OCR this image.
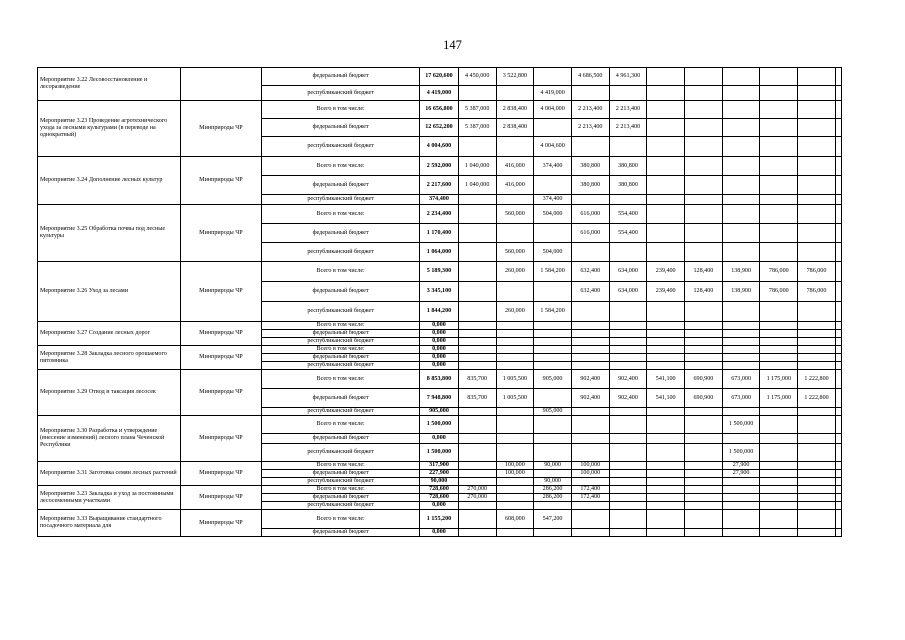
147
Мероприятие 3.22 Лесовосстановление и лесоразведение		федеральный бюджет	17 620,600	4 450,000	3 522,800		4 686,500	4 961,300						
		республиканский бюджет	4 419,000			4 419,000								
Мероприятие 3.23 Проведение агротехнического ухода за лесными культурами (в переводе на однократный)	Минприроды ЧР	Всего в том числе:	16 656,800	5 387,000	2 838,400	4 004,000	2 213,400	2 213,400						
		федеральный бюджет	12 652,200	5 387,000	2 838,400		2 213,400	2 213,400						
		республиканский бюджет	4 004,600			4 004,600								
Мероприятие 3.24 Дополнение лесных культур	Минприроды ЧР	Всего в том числе:	2 592,000	1 040,000	416,000	374,400	380,800	380,800						
		федеральный бюджет	2 217,600	1 040,000	416,000		380,800	380,800						
		республиканский бюджет	374,400			374,400								
Мероприятие 3.25 Обработка почвы под лесные культуры	Минприроды ЧР	Всего в том числе:	2 234,400		560,000	504,000	616,000	554,400						
		федеральный бюджет	1 170,400				616,000	554,400						
		республиканский бюджет	1 064,000		560,000	504,000								
Мероприятие 3.26 Уход за лесами	Минприроды ЧР	Всего в том числе:	5 189,300		260,000	1 584,200	632,400	634,000	239,400	128,400	138,900	786,000	786,000	
		федеральный бюджет	3 345,100				632,400	634,000	239,400	128,400	138,900	786,000	786,000	
		республиканский бюджет	1 844,200		260,000	1 584,200								
Мероприятие 3.27 Создание лесных дорог	Минприроды ЧР	Всего в том числе:	0,000											
		федеральный бюджет	0,000											
		республиканский бюджет	0,000											
Мероприятие 3.28 Закладка лесного орошаемого питомника	Минприроды ЧР	Всего в том числе:	0,000											
		федеральный бюджет	0,000											
		республиканский бюджет	0,000											
Мероприятие 3.29 Отвод и таксация лесосек	Минприроды ЧР	Всего в том числе:	8 853,800	835,700	1 005,500	905,000	902,400	902,400	541,100	690,900	673,000	1 175,000	1 222,800	
		федеральный бюджет	7 948,800	835,700	1 005,500		902,400	902,400	541,100	690,900	673,000	1 175,000	1 222,800	
		республиканский бюджет	905,000			905,000								
Мероприятие 3.30 Разработка и утверждение (внесение изменений) лесного плана Чеченской Республики	Минприроды ЧР	Всего в том числе:	1 500,000								1 500,000			
		федеральный бюджет	0,000											
		республиканский бюджет	1 500,000								1 500,000			
Мероприятие 3.31 Заготовка семян лесных растений	Минприроды ЧР	Всего в том числе:	317,900		100,000	90,000	100,000				27,900			
		федеральный бюджет	227,900		100,000		100,000				27,900			
		республиканский бюджет	90,000			90,000								
Мероприятие 3.23 Закладка и уход за постоянными лесосеменными участками	Минприроды ЧР	Всего в том числе:	728,600	270,000		286,200	172,400							
		федеральный бюджет	728,600	270,000		286,200	172,400							
		республиканский бюджет	0,000											
Мероприятие 3.33 Выращивание стандартного посадочного материала для	Минприроды ЧР	Всего в том числе:	1 155,200		608,000	547,200								
		федеральный бюджет	0,000											
